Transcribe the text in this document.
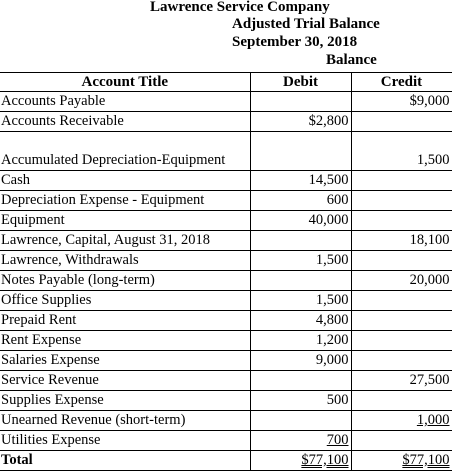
Lawrence Service Company
Adjusted Trial Balance
September 30, 2018
Balance
Account Title	Debit	Credit
Accounts Payable		$9,000
Accounts Receivable	$2,800	
Accumulated Depreciation-Equipment		1,500
Cash	14,500	
Depreciation Expense - Equipment	600	
Equipment	40,000	
Lawrence, Capital, August 31, 2018		18,100
Lawrence, Withdrawals	1,500	
Notes Payable (long-term)		20,000
Office Supplies	1,500	
Prepaid Rent	4,800	
Rent Expense	1,200	
Salaries Expense	9,000	
Service Revenue		27,500
Supplies Expense	500	
Unearned Revenue (short-term)		1,000
Utilities Expense	700	
Total	$77,100	$77,100
